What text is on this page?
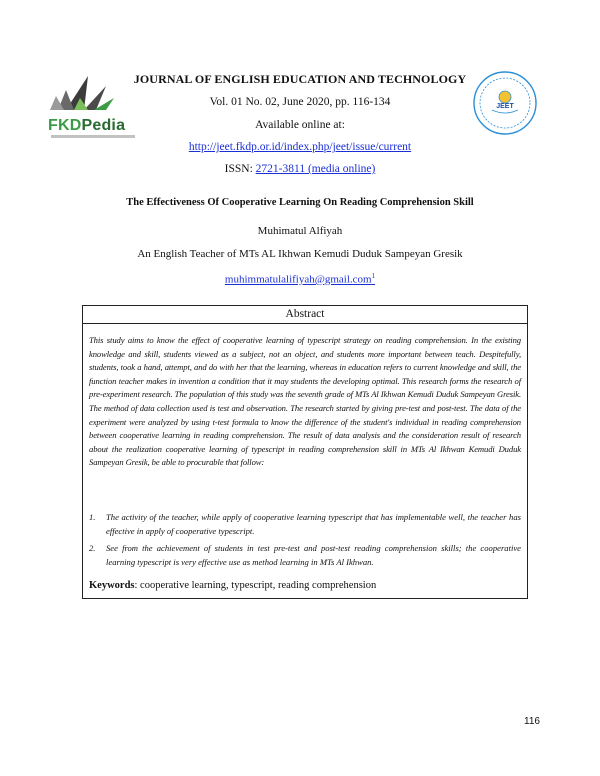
FKDPedia
JOURNAL OF ENGLISH EDUCATION AND TECHNOLOGY
Vol. 01 No. 02, June 2020, pp. 116-134
Available online at:
http://jeet.fkdp.or.id/index.php/jeet/issue/current
ISSN: 2721-3811 (media online)
JEET
The Effectiveness Of Cooperative Learning On Reading Comprehension Skill
Muhimatul Alfiyah
An English Teacher of MTs AL Ikhwan Kemudi Duduk Sampeyan Gresik
muhimmatulalifiyah@gmail.com$^1$
Abstract
This study aims to know the effect of cooperative learning of typescript strategy on reading comprehension. In the existing knowledge and skill, students viewed as a subject, not an object, and students more important between teach. Despitefully, students, took a hand, attempt, and do with her that the learning, whereas in education refers to current knowledge and skill, the function teacher makes in invention a condition that it may students the developing optimal. This research forms the research of pre-experiment research. The population of this study was the seventh grade of MTs Al Ikhwan Kemudi Duduk Sampeyan Gresik. The method of data collection used is test and observation. The research started by giving pre-test and post-test. The data of the experiment were analyzed by using t-test formula to know the difference of the student's individual in reading comprehension between cooperative learning in reading comprehension. The result of data analysis and the consideration result of research about the realization cooperative learning of typescript in reading comprehension skill in MTs Al Ikhwan Kemudi Duduk Sampeyan Gresik, be able to procurable that follow:
1.	The activity of the teacher, while apply of cooperative learning typescript that has implementable well, the teacher has effective in apply of cooperative typescript.
2.	See from the achievement of students in test pre-test and post-test reading comprehension skills; the cooperative learning typescript is very effective use as method learning in MTs Al Ikhwan.
Keywords: cooperative learning, typescript, reading comprehension
116
